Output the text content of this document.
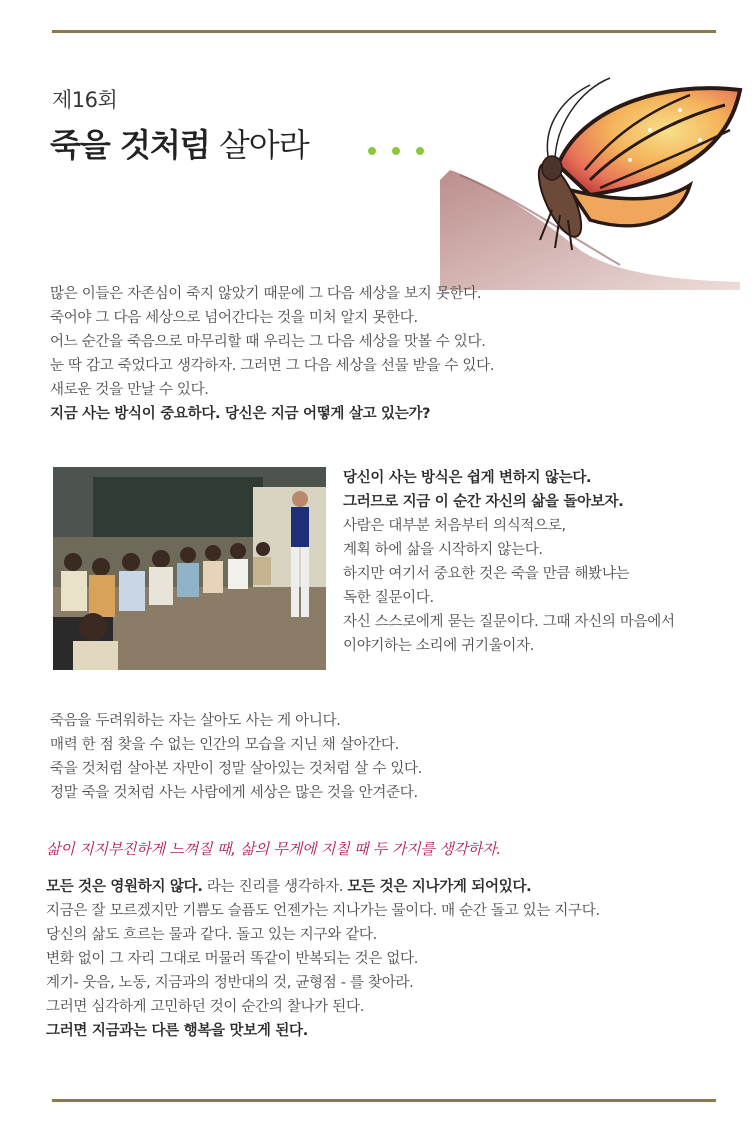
제16회
죽을 것처럼 살아라
많은 이들은 자존심이 죽지 않았기 때문에 그 다음 세상을 보지 못한다.
죽어야 그 다음 세상으로 넘어간다는 것을 미처 알지 못한다.
어느 순간을 죽음으로 마무리할 때 우리는 그 다음 세상을 맛볼 수 있다.
눈 딱 감고 죽었다고 생각하자. 그러면 그 다음 세상을 선물 받을 수 있다.
새로운 것을 만날 수 있다.
지금 사는 방식이 중요하다. 당신은 지금 어떻게 살고 있는가?
당신이 사는 방식은 쉽게 변하지 않는다.
그러므로 지금 이 순간 자신의 삶을 돌아보자.
사람은 대부분 처음부터 의식적으로,
계획 하에 삶을 시작하지 않는다.
하지만 여기서 중요한 것은 죽을 만큼 해봤냐는
독한 질문이다.
자신 스스로에게 묻는 질문이다. 그때 자신의 마음에서
이야기하는 소리에 귀기울이자.
죽음을 두려워하는 자는 살아도 사는 게 아니다.
매력 한 점 찾을 수 없는 인간의 모습을 지닌 채 살아간다.
죽을 것처럼 살아본 자만이 정말 살아있는 것처럼 살 수 있다.
정말 죽을 것처럼 사는 사람에게 세상은 많은 것을 안겨준다.
삶이 지지부진하게 느껴질 때, 삶의 무게에 지칠 때 두 가지를 생각하자.
모든 것은 영원하지 않다. 라는 진리를 생각하자. 모든 것은 지나가게 되어있다.
지금은 잘 모르겠지만 기쁨도 슬픔도 언젠가는 지나가는 물이다. 매 순간 돌고 있는 지구다.
당신의 삶도 흐르는 물과 같다. 돌고 있는 지구와 같다.
변화 없이 그 자리 그대로 머물러 똑같이 반복되는 것은 없다.
계기- 웃음, 노동, 지금과의 정반대의 것, 균형점 - 를 찾아라.
그러면 심각하게 고민하던 것이 순간의 찰나가 된다.
그러면 지금과는 다른 행복을 맛보게 된다.
